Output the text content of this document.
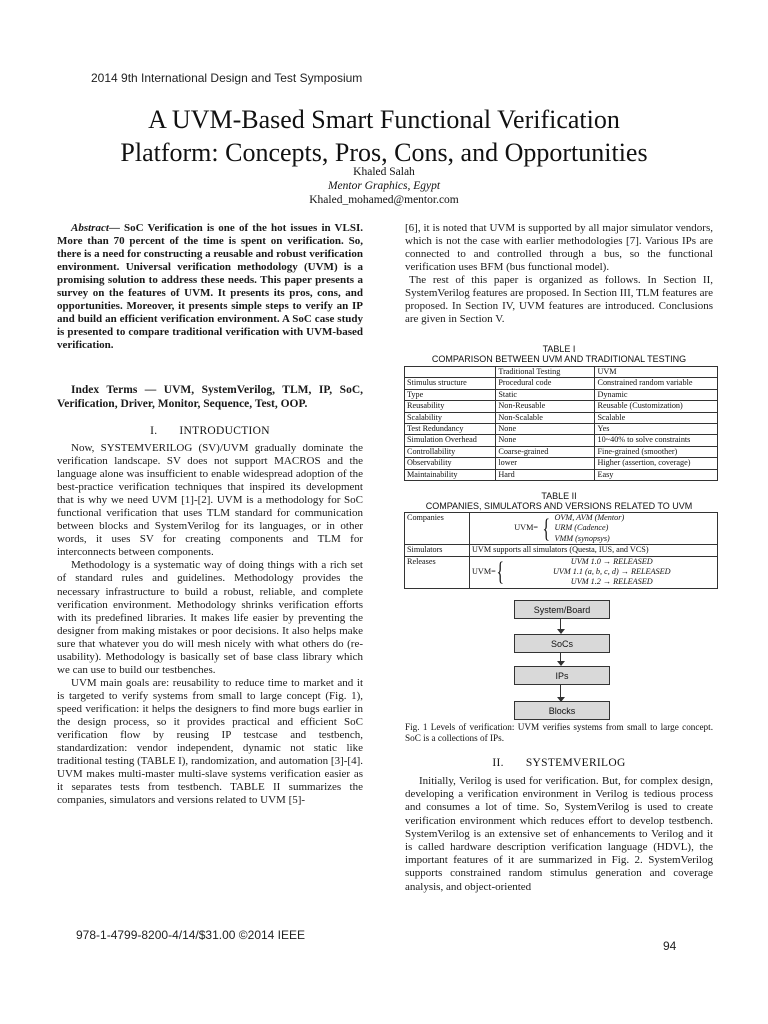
2014 9th International Design and Test Symposium
A UVM-Based Smart Functional Verification
Platform: Concepts, Pros, Cons, and Opportunities
Khaled Salah
Mentor Graphics, Egypt
Khaled_mohamed@mentor.com

Abstract— SoC Verification is one of the hot issues in VLSI. More than 70 percent of the time is spent on verification. So, there is a need for constructing a reusable and robust verification environment. Universal verification methodology (UVM) is a promising solution to address these needs. This paper presents a survey on the features of UVM. It presents its pros, cons, and opportunities. Moreover, it presents simple steps to verify an IP and build an efficient verification environment. A SoC case study is presented to compare traditional verification with UVM-based verification.

Index Terms — UVM, SystemVerilog, TLM, IP, SoC, Verification, Driver, Monitor, Sequence, Test, OOP.

I. INTRODUCTION

Now, SYSTEMVERILOG (SV)/UVM gradually dominate the verification landscape. SV does not support MACROS and the language alone was insufficient to enable widespread adoption of the best-practice verification techniques that inspired its development that is why we need UVM [1]-[2]. UVM is a methodology for SoC functional verification that uses TLM standard for communication between blocks and SystemVerilog for its languages, or in other words, it uses SV for creating components and TLM for interconnects between components.

Methodology is a systematic way of doing things with a rich set of standard rules and guidelines. Methodology provides the necessary infrastructure to build a robust, reliable, and complete verification environment. Methodology shrinks verification efforts with its predefined libraries. It makes life easier by preventing the designer from making mistakes or poor decisions. It also helps make sure that whatever you do will mesh nicely with what others do (re-usability). Methodology is basically set of base class library which we can use to build our testbenches.

UVM main goals are: reusability to reduce time to market and it is targeted to verify systems from small to large concept (Fig. 1), speed verification: it helps the designers to find more bugs earlier in the design process, so it provides practical and efficient SoC verification flow by reusing IP testcase and testbench, standardization: vendor independent, dynamic not static like traditional testing (TABLE I), randomization, and automation [3]-[4]. UVM makes multi-master multi-slave systems verification easier as it separates tests from testbench. TABLE II summarizes the companies, simulators and versions related to UVM [5]-

[6], it is noted that UVM is supported by all major simulator vendors, which is not the case with earlier methodologies [7]. Various IPs are connected to and controlled through a bus, so the functional verification uses BFM (bus functional model).

The rest of this paper is organized as follows. In Section II, SystemVerilog features are proposed. In Section III, TLM features are proposed. In Section IV, UVM features are introduced. Conclusions are given in Section V.

TABLE I
COMPARISON BETWEEN UVM AND TRADITIONAL TESTING
	Traditional Testing	UVM
Stimulus structure	Procedural code	Constrained random variable
Type	Static	Dynamic
Reusability	Non-Reusable	Reusable (Customization)
Scalability	Non-Scalable	Scalable
Test Redundancy	None	Yes
Simulation Overhead	None	10~40% to solve constraints
Controllability	Coarse-grained	Fine-grained (smoother)
Observability	lower	Higher (assertion, coverage)
Maintainability	Hard	Easy
TABLE II
COMPANIES, SIMULATORS AND VERSIONS RELATED TO UVM
Companies	UVM= { OVM, AVM (Mentor)
URM (Cadence)
VMM (synopsys)

Simulators	UVM supports all simulators (Questa, IUS, and VCS)
Releases	UVM= { UVM 1.0 → RELEASED
UVM 1.1 (a, b, c, d) → RELEASED
UVM 1.2 → RELEASED
System/Board
SoCs
IPs
Blocks
Fig. 1 Levels of verification: UVM verifies systems from small to large concept. SoC is a collections of IPs.
II. SYSTEMVERILOG

Initially, Verilog is used for verification. But, for complex design, developing a verification environment in Verilog is tedious process and consumes a lot of time. So, SystemVerilog is used to create verification environment which reduces effort to develop testbench. SystemVerilog is an extensive set of enhancements to Verilog and it is called hardware description verification language (HDVL), the important features of it are summarized in Fig. 2. SystemVerilog supports constrained random stimulus generation and coverage analysis, and object-oriented

978-1-4799-8200-4/14/$31.00 ©2014 IEEE
94
